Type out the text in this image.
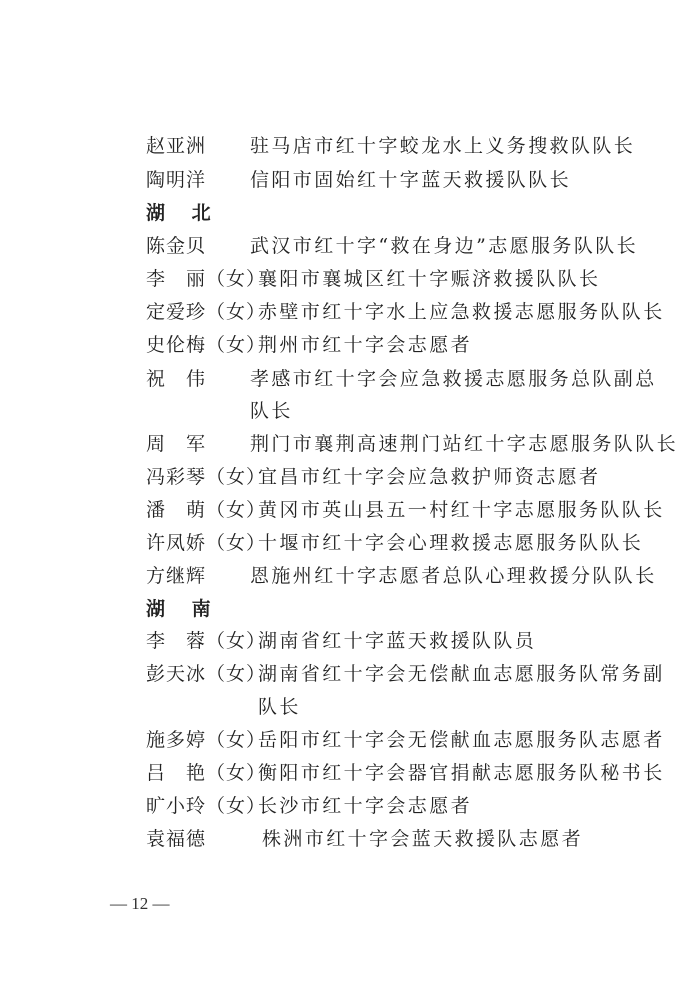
赵亚洲 驻马店市红十字蛟龙水上义务搜救队队长
陶明洋 信阳市固始红十字蓝天救援队队长
湖 北
陈金贝 武汉市红十字“救在身边”志愿服务队队长
李　丽（女）
襄阳市襄城区红十字赈济救援队队长
定爱珍（女）
赤壁市红十字水上应急救援志愿服务队队长
史伦梅（女）
荆州市红十字会志愿者
祝　伟 孝感市红十字会应急救援志愿服务总队副总
队长
周　军 荆门市襄荆高速荆门站红十字志愿服务队队长
冯彩琴（女）
宜昌市红十字会应急救护师资志愿者
潘　萌（女）
黄冈市英山县五一村红十字志愿服务队队长
许凤娇（女）
十堰市红十字会心理救援志愿服务队队长
方继辉 恩施州红十字志愿者总队心理救援分队队长
湖 南
李　蓉（女）
湖南省红十字蓝天救援队队员
彭天冰（女）
湖南省红十字会无偿献血志愿服务队常务副
队长
施多婷（女）
岳阳市红十字会无偿献血志愿服务队志愿者
吕　艳（女）
衡阳市红十字会器官捐献志愿服务队秘书长
旷小玲（女）
长沙市红十字会志愿者
袁福德	株洲市红十字会蓝天救援队志愿者
— 12 —
